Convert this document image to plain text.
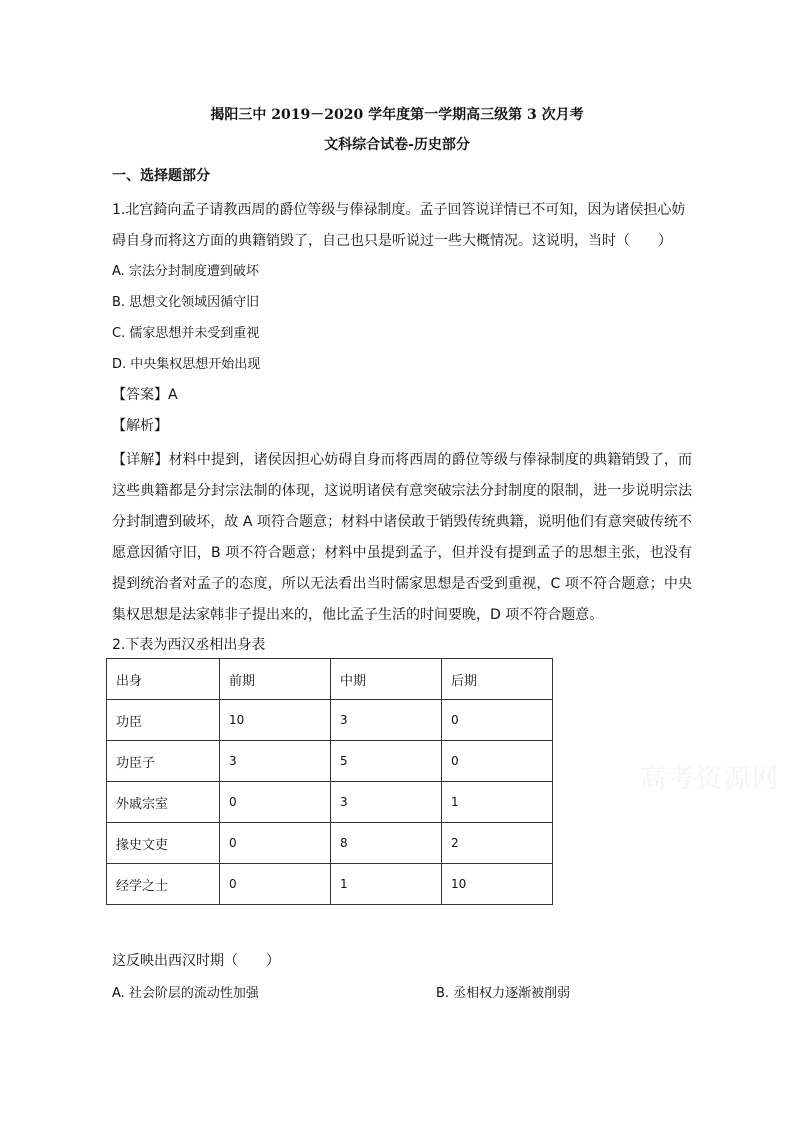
揭阳三中 2019－2020 学年度第一学期高三级第 3 次月考
文科综合试卷-历史部分
一、选择题部分
1.北宫錡向孟子请教西周的爵位等级与俸禄制度。孟子回答说详情已不可知，因为诸侯担心妨碍自身而将这方面的典籍销毁了，自己也只是听说过一些大概情况。这说明，当时（　　）
A. 宗法分封制度遭到破坏
B. 思想文化领域因循守旧
C. 儒家思想并未受到重视
D. 中央集权思想开始出现
【答案】A
【解析】
【详解】材料中提到，诸侯因担心妨碍自身而将西周的爵位等级与俸禄制度的典籍销毁了，而这些典籍都是分封宗法制的体现，这说明诸侯有意突破宗法分封制度的限制，进一步说明宗法分封制遭到破坏，故 A 项符合题意；材料中诸侯敢于销毁传统典籍，说明他们有意突破传统不愿意因循守旧，B 项不符合题意；材料中虽提到孟子，但并没有提到孟子的思想主张，也没有提到统治者对孟子的态度，所以无法看出当时儒家思想是否受到重视，C 项不符合题意；中央集权思想是法家韩非子提出来的，他比孟子生活的时间要晚，D 项不符合题意。
2.下表为西汉丞相出身表
出身	前期	中期	后期
功臣	10	3	0
功臣子	3	5	0
外戚宗室	0	3	1
掾史文吏	0	8	2
经学之士	0	1	10
高考资源网
这反映出西汉时期（　　）
A. 社会阶层的流动性加强	B. 丞相权力逐渐被削弱
